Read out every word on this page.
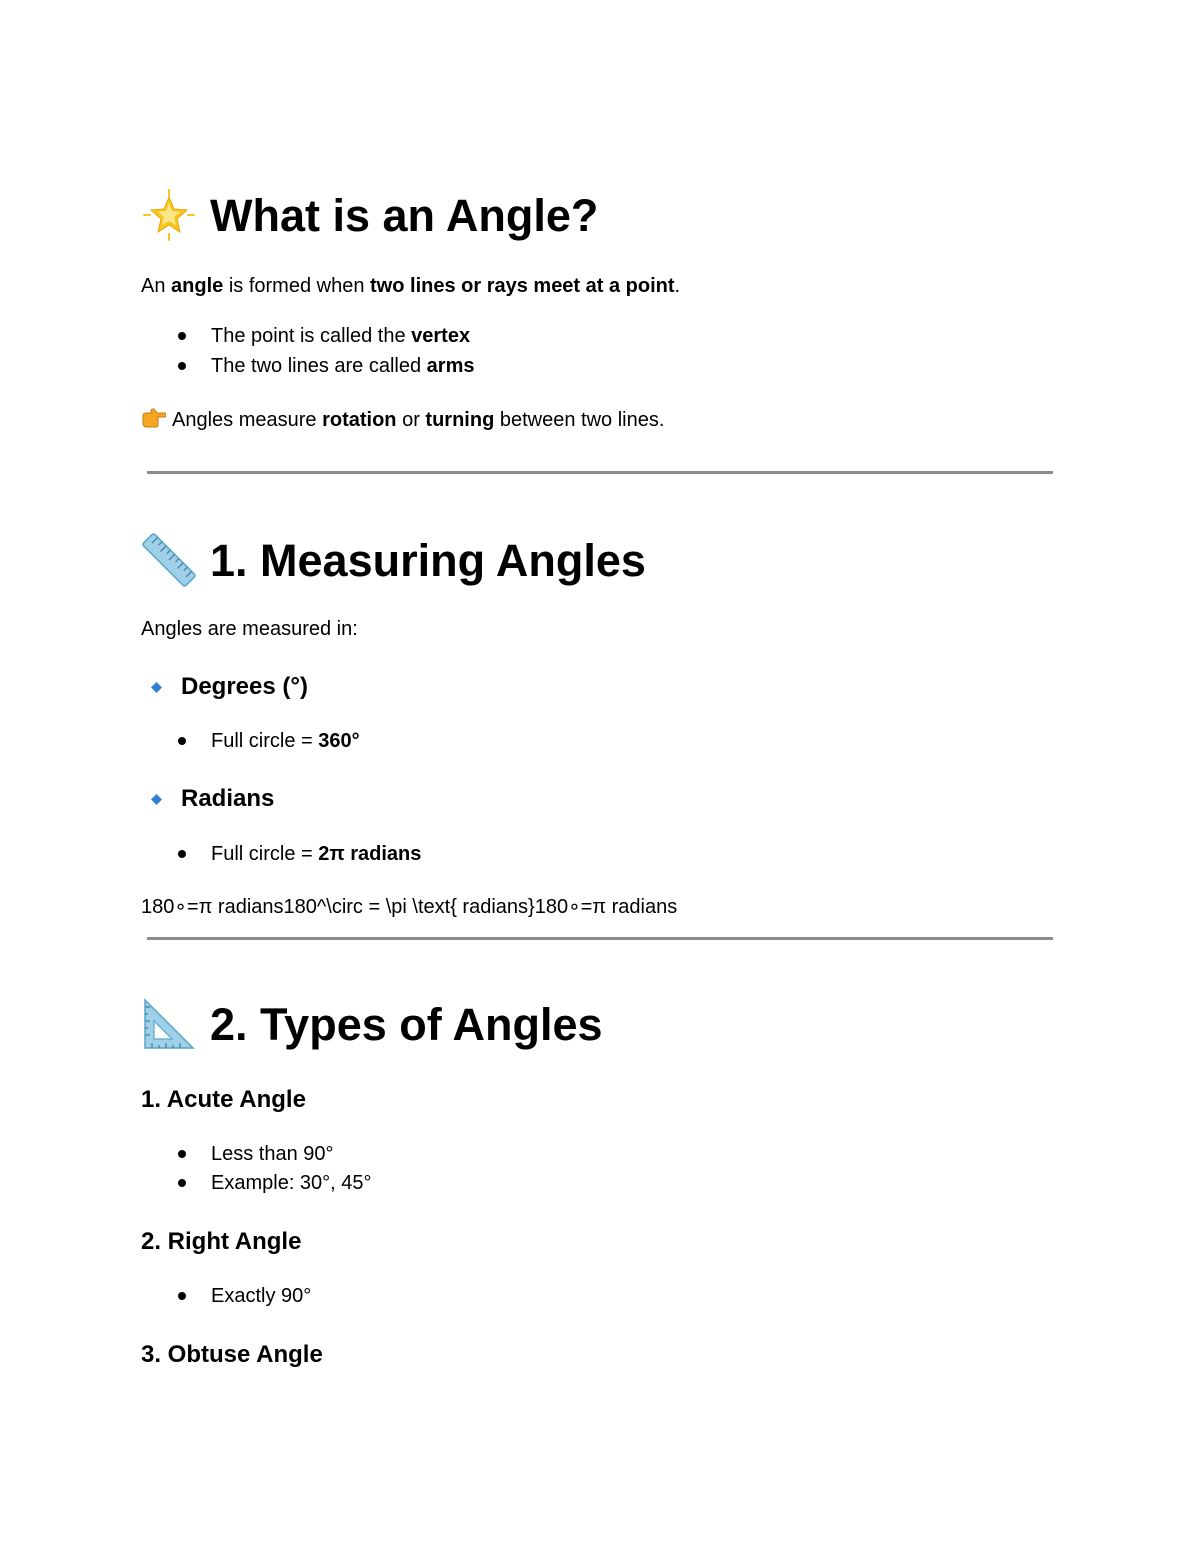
What is an Angle?
An angle is formed when two lines or rays meet at a point.
The point is called the vertex
The two lines are called arms
Angles measure rotation or turning between two lines.
1. Measuring Angles
Angles are measured in:
Degrees (°)
Full circle = 360°
Radians
Full circle = 2π radians
180∘=π radians180^\circ = \pi \text{ radians}180∘=π radians
2. Types of Angles
1. Acute Angle
Less than 90°
Example: 30°, 45°
2. Right Angle
Exactly 90°
3. Obtuse Angle
